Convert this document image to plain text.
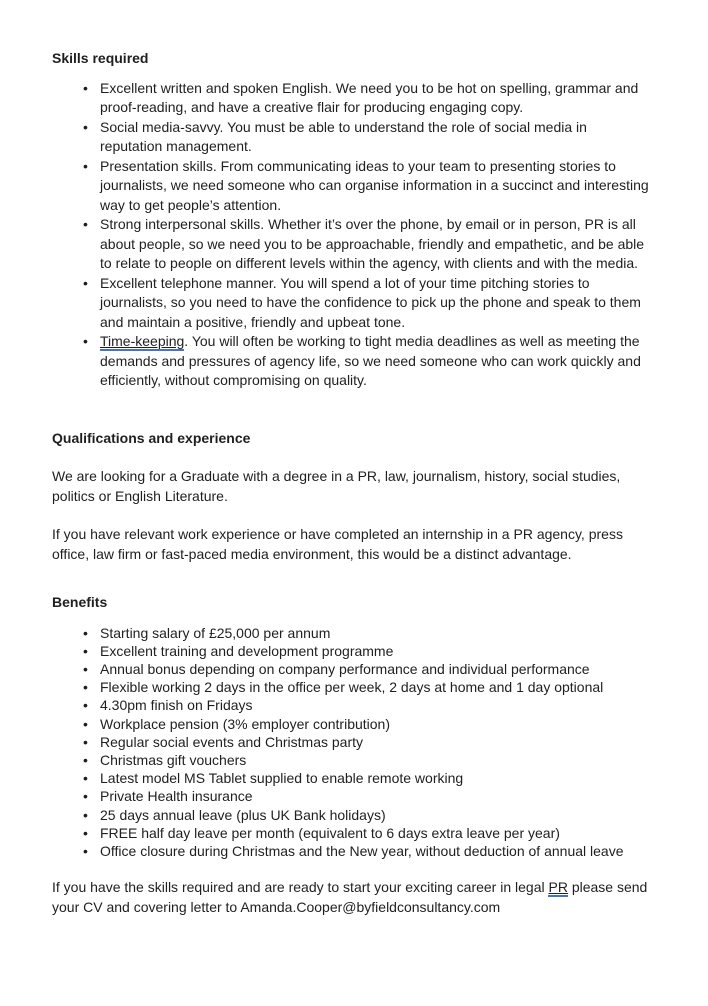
Skills required
• Excellent written and spoken English. We need you to be hot on spelling, grammar and proof-reading, and have a creative flair for producing engaging copy.
• Social media-savvy. You must be able to understand the role of social media in reputation management.
• Presentation skills. From communicating ideas to your team to presenting stories to journalists, we need someone who can organise information in a succinct and interesting way to get people’s attention.
• Strong interpersonal skills. Whether it’s over the phone, by email or in person, PR is all about people, so we need you to be approachable, friendly and empathetic, and be able to relate to people on different levels within the agency, with clients and with the media.
• Excellent telephone manner. You will spend a lot of your time pitching stories to journalists, so you need to have the confidence to pick up the phone and speak to them and maintain a positive, friendly and upbeat tone.
• Time-keeping. You will often be working to tight media deadlines as well as meeting the demands and pressures of agency life, so we need someone who can work quickly and efficiently, without compromising on quality.
Qualifications and experience

We are looking for a Graduate with a degree in a PR, law, journalism, history, social studies, politics or English Literature.

If you have relevant work experience or have completed an internship in a PR agency, press office, law firm or fast-paced media environment, this would be a distinct advantage.

Benefits
• Starting salary of £25,000 per annum
• Excellent training and development programme
• Annual bonus depending on company performance and individual performance
• Flexible working 2 days in the office per week, 2 days at home and 1 day optional
• 4.30pm finish on Fridays
• Workplace pension (3% employer contribution)
• Regular social events and Christmas party
• Christmas gift vouchers
• Latest model MS Tablet supplied to enable remote working
• Private Health insurance
• 25 days annual leave (plus UK Bank holidays)
• FREE half day leave per month (equivalent to 6 days extra leave per year)
• Office closure during Christmas and the New year, without deduction of annual leave

If you have the skills required and are ready to start your exciting career in legal PR please send your CV and covering letter to Amanda.Cooper@byfieldconsultancy.com
